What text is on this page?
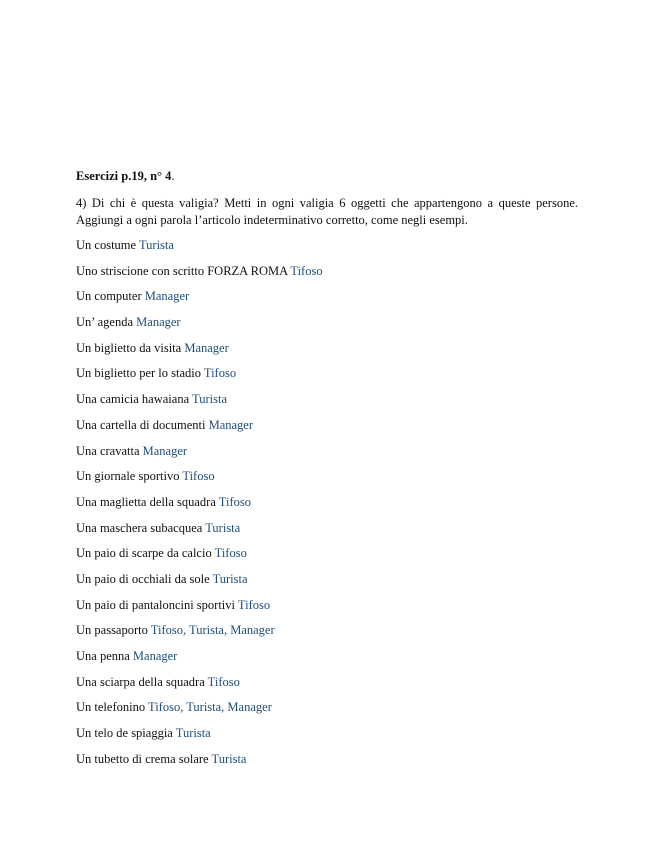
Esercizi p.19, n° 4.
4) Di chi è questa valigia? Metti in ogni valigia 6 oggetti che appartengono a queste persone. Aggiungi a ogni parola l’articolo indeterminativo corretto, come negli esempi.
Un costume Turista
Uno striscione con scritto FORZA ROMA Tifoso
Un computer Manager
Un’ agenda Manager
Un biglietto da visita Manager
Un biglietto per lo stadio Tifoso
Una camicia hawaiana Turista
Una cartella di documenti Manager
Una cravatta Manager
Un giornale sportivo Tifoso
Una maglietta della squadra Tifoso
Una maschera subacquea Turista
Un paio di scarpe da calcio Tifoso
Un paio di occhiali da sole Turista
Un paio di pantaloncini sportivi Tifoso
Un passaporto Tifoso, Turista, Manager
Una penna Manager
Una sciarpa della squadra Tifoso
Un telefonino Tifoso, Turista, Manager
Un telo de spiaggia Turista
Un tubetto di crema solare Turista
